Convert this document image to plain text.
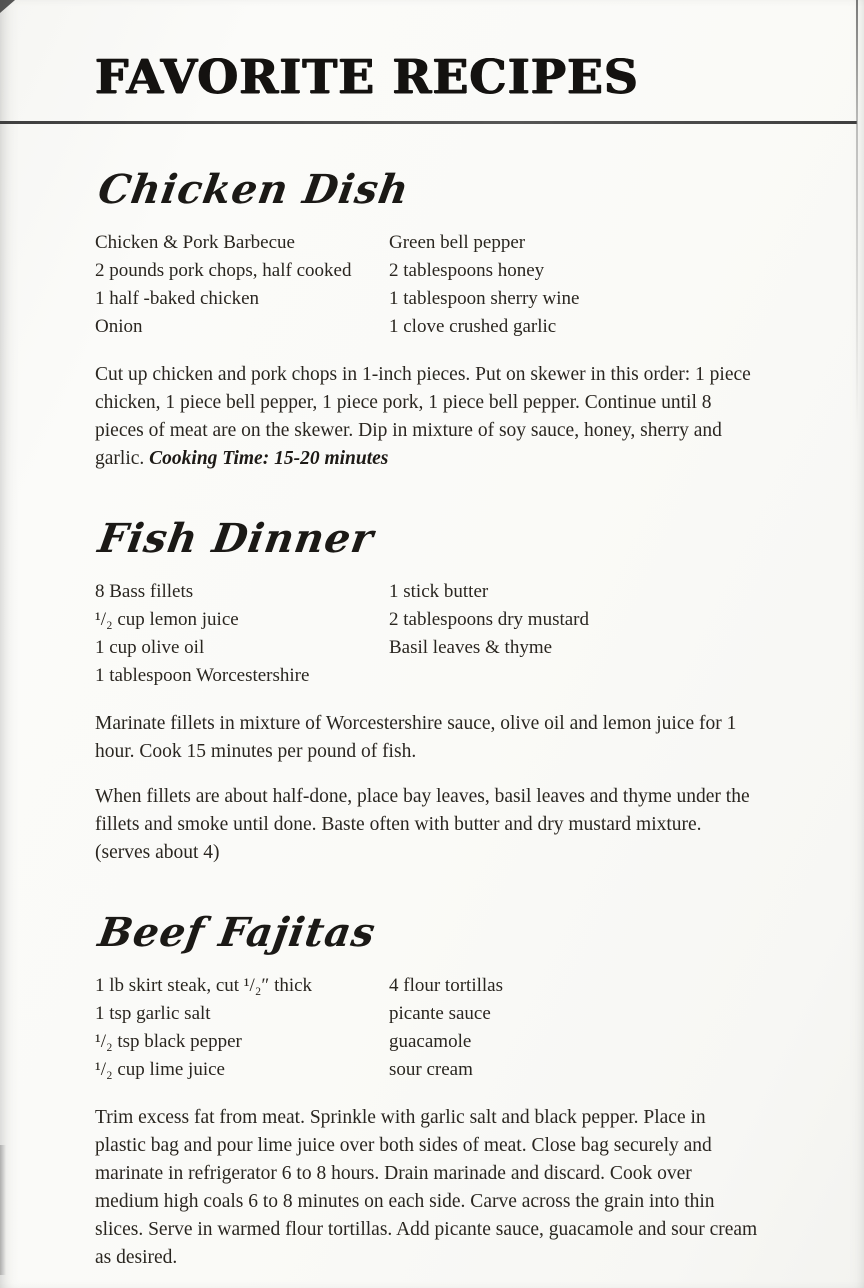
FAVORITE RECIPES
Chicken Dish
Chicken & Pork Barbecue
2 pounds pork chops, half cooked
1 half -baked chicken
Onion
Green bell pepper
2 tablespoons honey
1 tablespoon sherry wine
1 clove crushed garlic

Cut up chicken and pork chops in 1-inch pieces. Put on skewer in this order: 1 piece chicken, 1 piece bell pepper, 1 piece pork, 1 piece bell pepper. Continue until 8 pieces of meat are on the skewer. Dip in mixture of soy sauce, honey, sherry and garlic. Cooking Time: 15-20 minutes

Fish Dinner
8 Bass fillets
¹/₂ cup lemon juice
1 cup olive oil
1 tablespoon Worcestershire
1 stick butter
2 tablespoons dry mustard
Basil leaves & thyme

Marinate fillets in mixture of Worcestershire sauce, olive oil and lemon juice for 1 hour. Cook 15 minutes per pound of fish.

When fillets are about half-done, place bay leaves, basil leaves and thyme under the fillets and smoke until done. Baste often with butter and dry mustard mixture. (serves about 4)

Beef Fajitas
1 lb skirt steak, cut ¹/₂″ thick
1 tsp garlic salt
¹/₂ tsp black pepper
¹/₂ cup lime juice
4 flour tortillas
picante sauce
guacamole
sour cream

Trim excess fat from meat. Sprinkle with garlic salt and black pepper. Place in plastic bag and pour lime juice over both sides of meat. Close bag securely and marinate in refrigerator 6 to 8 hours. Drain marinade and discard. Cook over medium high coals 6 to 8 minutes on each side. Carve across the grain into thin slices. Serve in warmed flour tortillas. Add picante sauce, guacamole and sour cream as desired.
